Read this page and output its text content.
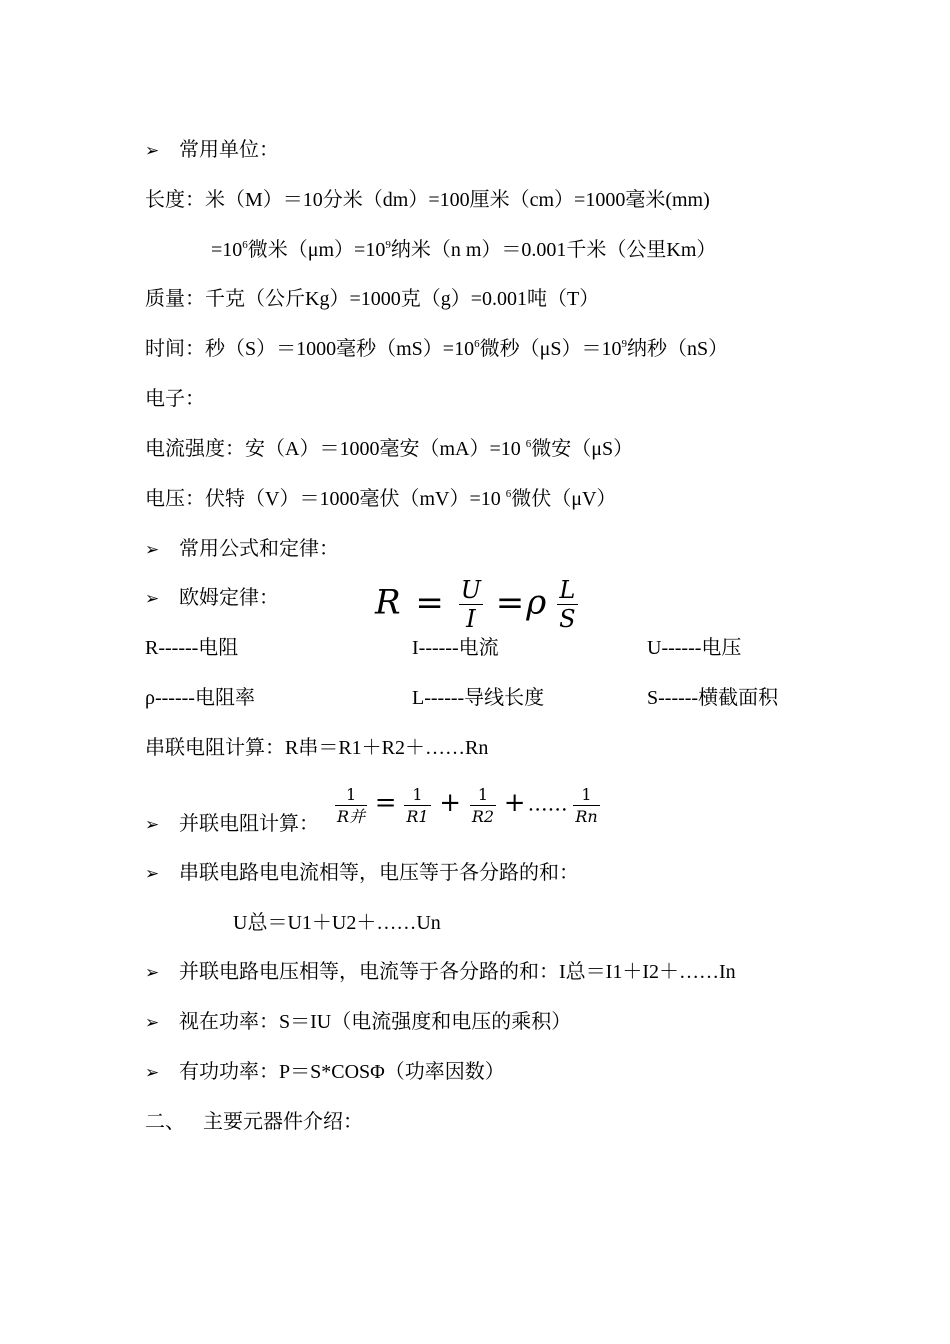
➢ 常用单位：
长度：米（M）＝10分米（dm）=100厘米（cm）=1000毫米(mm)
$=10^6$微米$(\mu m)=10^9$纳米（n m）＝0.001千米（公里Km）
质量：千克（公斤Kg）=1000克（g）=0.001吨（T）
时间：秒（S）＝1000毫秒$(mS)=10^6$微秒$(\mu S)=10^9$纳秒（nS）
电子：
电流强度：安（A）＝1000毫安（mA）=10 $^6$微安（μS）
电压：伏特（V）＝1000毫伏（mV）=10 $^6$微伏（μV）
➢ 常用公式和定律：
➢ 欧姆定律：	$R = \frac{U}{I} =\rho \frac{L}{S}$
R------电阻	I------电流	U------电压
ρ------电阻率	L------导线长度	S------横截面积
串联电阻计算：R串＝R1＋R2＋……Rn
➢ 并联电阻计算： $\frac{1}{\text{R并}} = \frac{1}{R1} + \frac{1}{R2}$ + …… $\frac{1}{Rn}$
➢ 串联电路电电流相等，电压等于各分路的和：
U总＝U1＋U2＋……Un
➢ 并联电路电压相等，电流等于各分路的和：I总＝I1＋I2＋……In
➢ 视在功率：S＝IU（电流强度和电压的乘积）
➢ 有功功率：P＝S*COSΦ（功率因数）
二、 主要元器件介绍：
